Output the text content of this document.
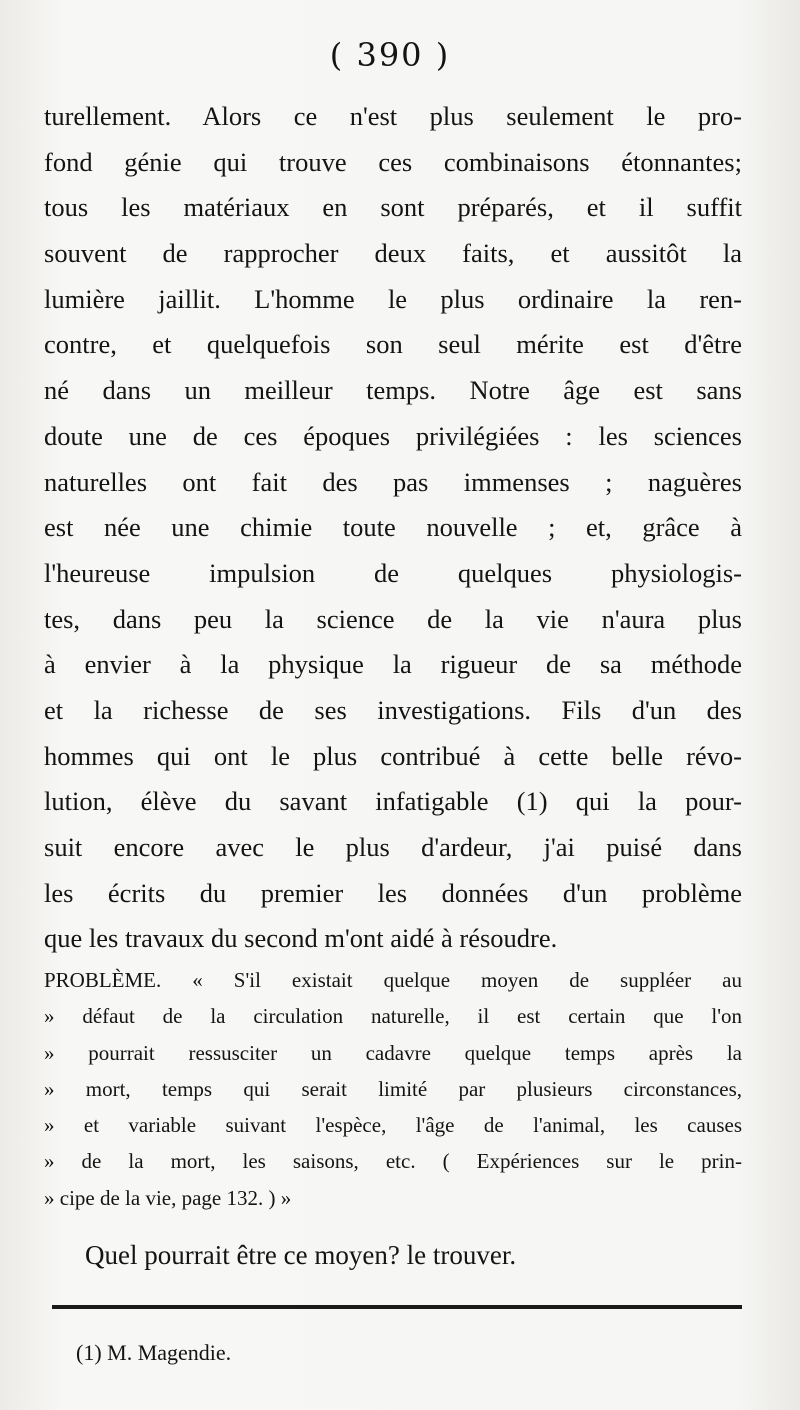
( 390 )
turellement. Alors ce n'est plus seulement le pro-
fond génie qui trouve ces combinaisons étonnantes;
tous les matériaux en sont préparés, et il suffit
souvent de rapprocher deux faits, et aussitôt la
lumière jaillit. L'homme le plus ordinaire la ren-
contre, et quelquefois son seul mérite est d'être
né dans un meilleur temps. Notre âge est sans
doute une de ces époques privilégiées : les sciences
naturelles ont fait des pas immenses ; naguères
est née une chimie toute nouvelle ; et, grâce à
l'heureuse impulsion de quelques physiologis-
tes, dans peu la science de la vie n'aura plus
à envier à la physique la rigueur de sa méthode
et la richesse de ses investigations. Fils d'un des
hommes qui ont le plus contribué à cette belle révo-
lution, élève du savant infatigable (1) qui la pour-
suit encore avec le plus d'ardeur, j'ai puisé dans
les écrits du premier les données d'un problème
que les travaux du second m'ont aidé à résoudre.
PROBLÈME. « S'il existait quelque moyen de suppléer au
» défaut de la circulation naturelle, il est certain que l'on
» pourrait ressusciter un cadavre quelque temps après la
» mort, temps qui serait limité par plusieurs circonstances,
» et variable suivant l'espèce, l'âge de l'animal, les causes
» de la mort, les saisons, etc. ( Expériences sur le prin-
» cipe de la vie, page 132. ) »
Quel pourrait être ce moyen? le trouver.
(1) M. Magendie.
